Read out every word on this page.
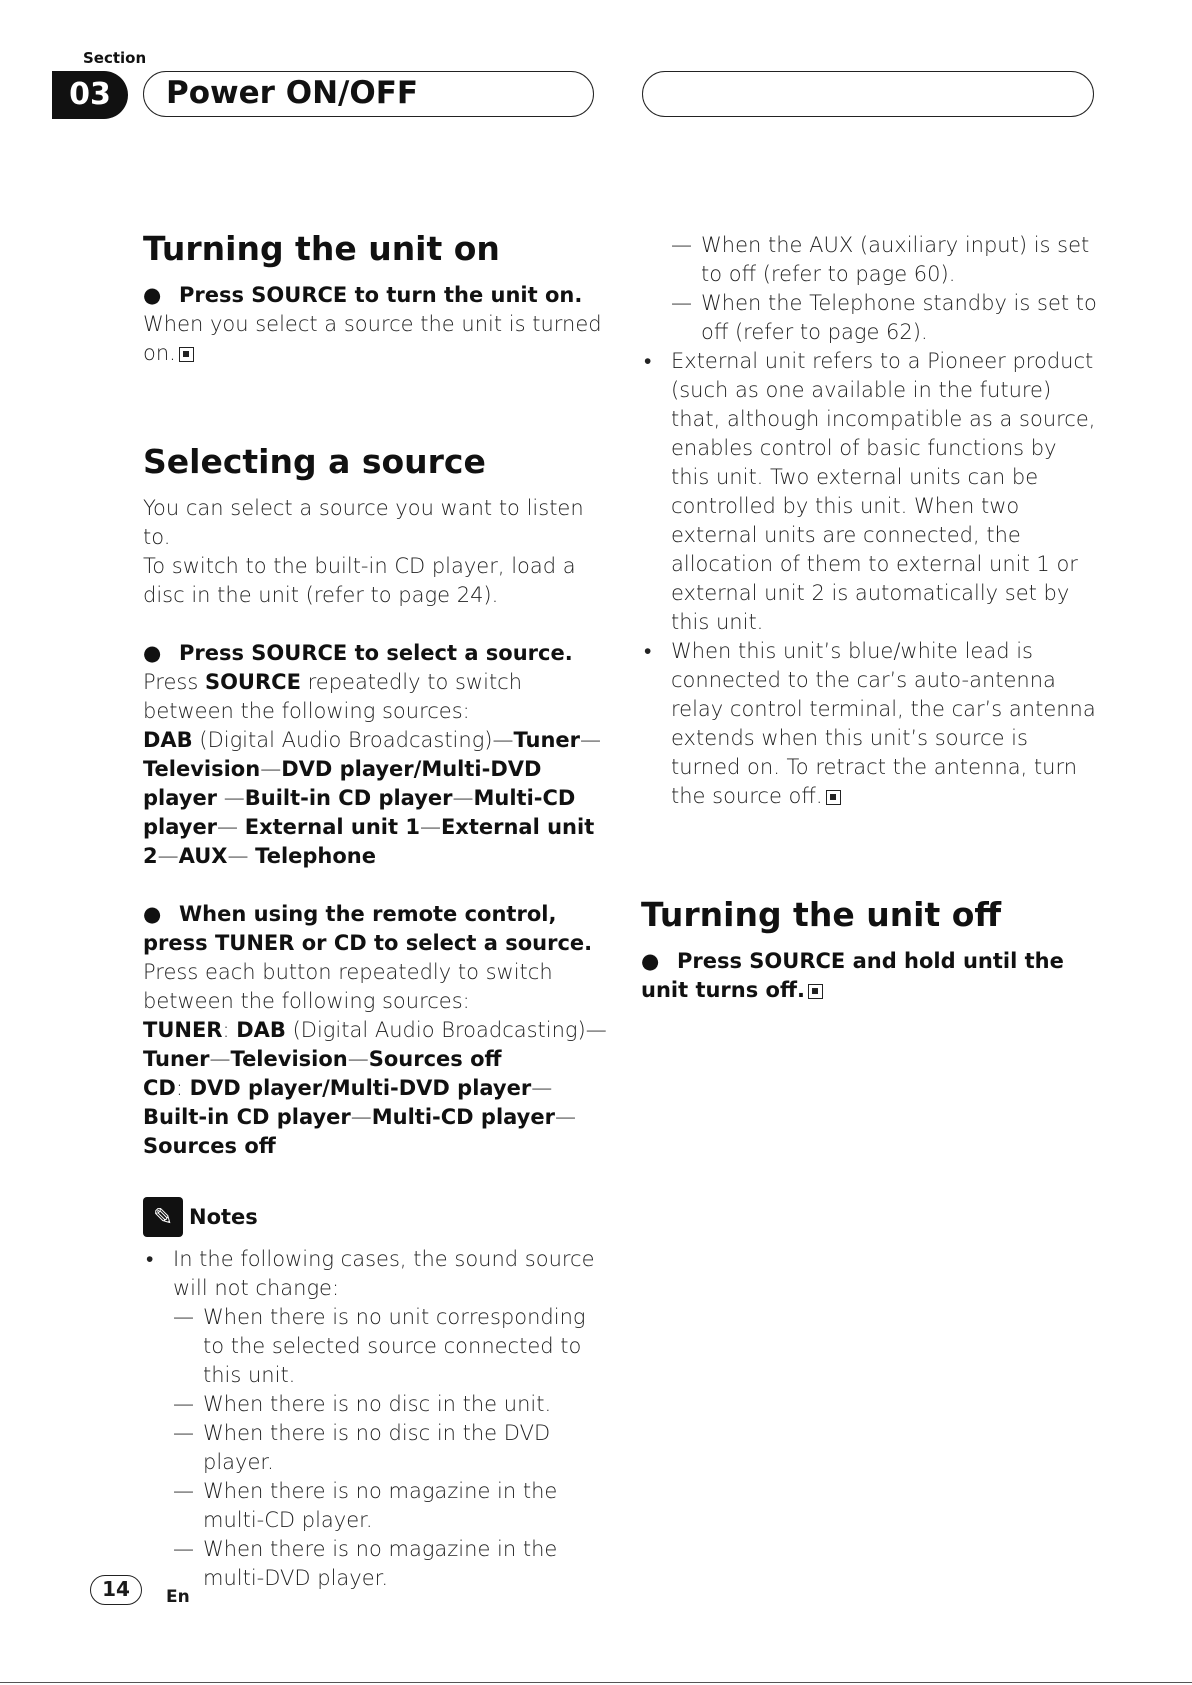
Section
03	Power ON/OFF
Turning the unit on

● Press SOURCE to turn the unit on.

When you select a source the unit is turned on.

Selecting a source

You can select a source you want to listen to.

To switch to the built-in CD player, load a disc in the unit (refer to page 24).

● Press SOURCE to select a source.

Press SOURCE repeatedly to switch between the following sources:

DAB (Digital Audio Broadcasting)—Tuner—Television—DVD player/Multi-DVD player —Built-in CD player—Multi-CD player— External unit 1—External unit 2—AUX— Telephone

● When using the remote control, press TUNER or CD to select a source.

Press each button repeatedly to switch between the following sources:

TUNER: DAB (Digital Audio Broadcasting)— Tuner—Television—Sources off

CD: DVD player/Multi-DVD player—Built-in CD player—Multi-CD player—Sources off

✎ Notes
• In the following cases, the sound source will not change:
— When there is no unit corresponding to the selected source connected to this unit.
— When there is no disc in the unit.
— When there is no disc in the DVD player.
— When there is no magazine in the multi-CD player.
— When there is no magazine in the multi-DVD player.
— When the AUX (auxiliary input) is set to off (refer to page 60).
— When the Telephone standby is set to off (refer to page 62).
• External unit refers to a Pioneer product (such as one available in the future) that, although incompatible as a source, enables control of basic functions by this unit. Two external units can be controlled by this unit. When two external units are connected, the allocation of them to external unit 1 or external unit 2 is automatically set by this unit.
• When this unit’s blue/white lead is connected to the car’s auto-antenna relay control terminal, the car’s antenna extends when this unit’s source is turned on. To retract the antenna, turn the source off.
Turning the unit off

● Press SOURCE and hold until the unit turns off.

14	En
